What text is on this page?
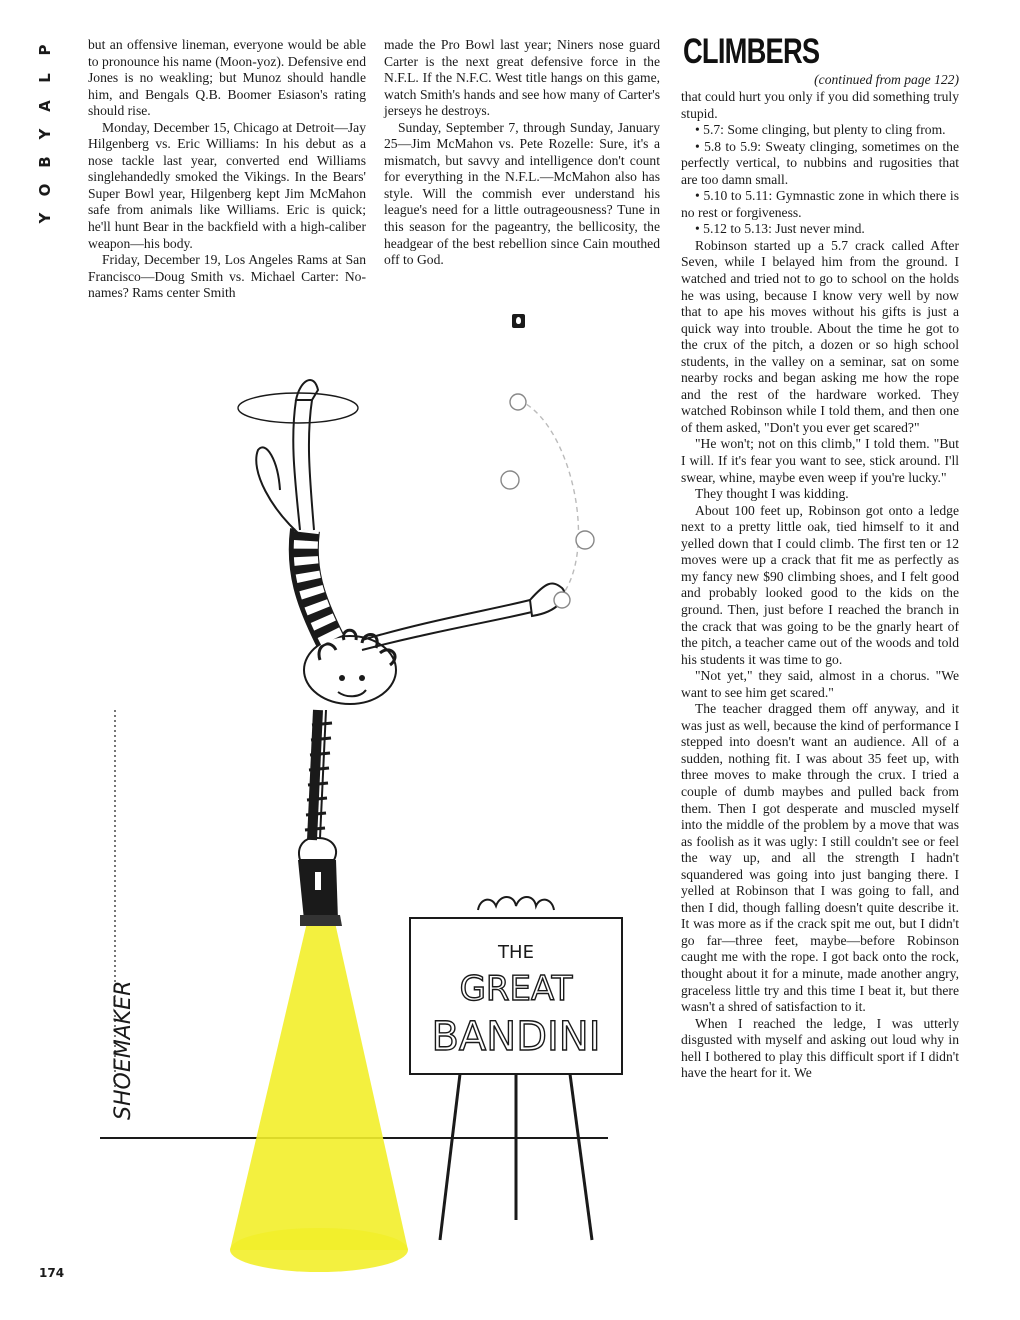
P
L
A
Y
B
O
Y

but an offensive lineman, everyone would be able to pronounce his name (Moon-yoz). Defensive end Jones is no weakling; but Munoz should handle him, and Bengals Q.B. Boomer Esiason's rating should rise.

Monday, December 15, Chicago at Detroit—Jay Hilgenberg vs. Eric Williams: In his debut as a nose tackle last year, converted end Williams singlehandedly smoked the Vikings. In the Bears' Super Bowl year, Hilgenberg kept Jim McMahon safe from animals like Williams. Eric is quick; he'll hunt Bear in the backfield with a high-caliber weapon—his body.

Friday, December 19, Los Angeles Rams at San Francisco—Doug Smith vs. Michael Carter: No-names? Rams center Smith

made the Pro Bowl last year; Niners nose guard Carter is the next great defensive force in the N.F.L. If the N.F.C. West title hangs on this game, watch Smith's hands and see how many of Carter's jerseys he destroys.

Sunday, September 7, through Sunday, January 25—Jim McMahon vs. Pete Rozelle: Sure, it's a mismatch, but savvy and intelligence don't count for everything in the N.F.L.—McMahon also has style. Will the commish ever understand his league's need for a little outrageousness? Tune in this season for the pageantry, the bellicosity, the headgear of the best rebellion since Cain mouthed off to God.

CLIMBERS
(continued from page 122)

that could hurt you only if you did something truly stupid.

• 5.7: Some clinging, but plenty to cling from.

• 5.8 to 5.9: Sweaty clinging, sometimes on the perfectly vertical, to nubbins and rugosities that are too damn small.

• 5.10 to 5.11: Gymnastic zone in which there is no rest or forgiveness.

• 5.12 to 5.13: Just never mind.

Robinson started up a 5.7 crack called After Seven, while I belayed him from the ground. I watched and tried not to go to school on the holds he was using, because I know very well by now that to ape his moves without his gifts is just a quick way into trouble. About the time he got to the crux of the pitch, a dozen or so high school students, in the valley on a seminar, sat on some nearby rocks and began asking me how the rope and the rest of the hardware worked. They watched Robinson while I told them, and then one of them asked, "Don't you ever get scared?"

"He won't; not on this climb," I told them. "But I will. If it's fear you want to see, stick around. I'll swear, whine, maybe even weep if you're lucky."

They thought I was kidding.

About 100 feet up, Robinson got onto a ledge next to a pretty little oak, tied himself to it and yelled down that I could climb. The first ten or 12 moves were up a crack that fit me as perfectly as my fancy new $90 climbing shoes, and I felt good and probably looked good to the kids on the ground. Then, just before I reached the branch in the crack that was going to be the gnarly heart of the pitch, a teacher came out of the woods and told his students it was time to go.

"Not yet," they said, almost in a chorus. "We want to see him get scared."

The teacher dragged them off anyway, and it was just as well, because the kind of performance I stepped into doesn't want an audience. All of a sudden, nothing fit. I was about 35 feet up, with three moves to make through the crux. I tried a couple of dumb maybes and pulled back from them. Then I got desperate and muscled myself into the middle of the problem by a move that was as foolish as it was ugly: I still couldn't see or feel the way up, and all the strength I hadn't squandered was going into just banging there. I yelled at Robinson that I was going to fall, and then I did, though falling doesn't quite describe it. It was more as if the crack spit me out, but I didn't go far—three feet, maybe—before Robinson caught me with the rope. I got back onto the rock, thought about it for a minute, made another angry, graceless little try and this time I beat it, but there wasn't a shred of satisfaction to it.

When I reached the ledge, I was utterly disgusted with myself and asking out loud why in hell I bothered to play this difficult sport if I didn't have the heart for it. We

THE
GREAT
BANDINI
SHOEMAKER
174
